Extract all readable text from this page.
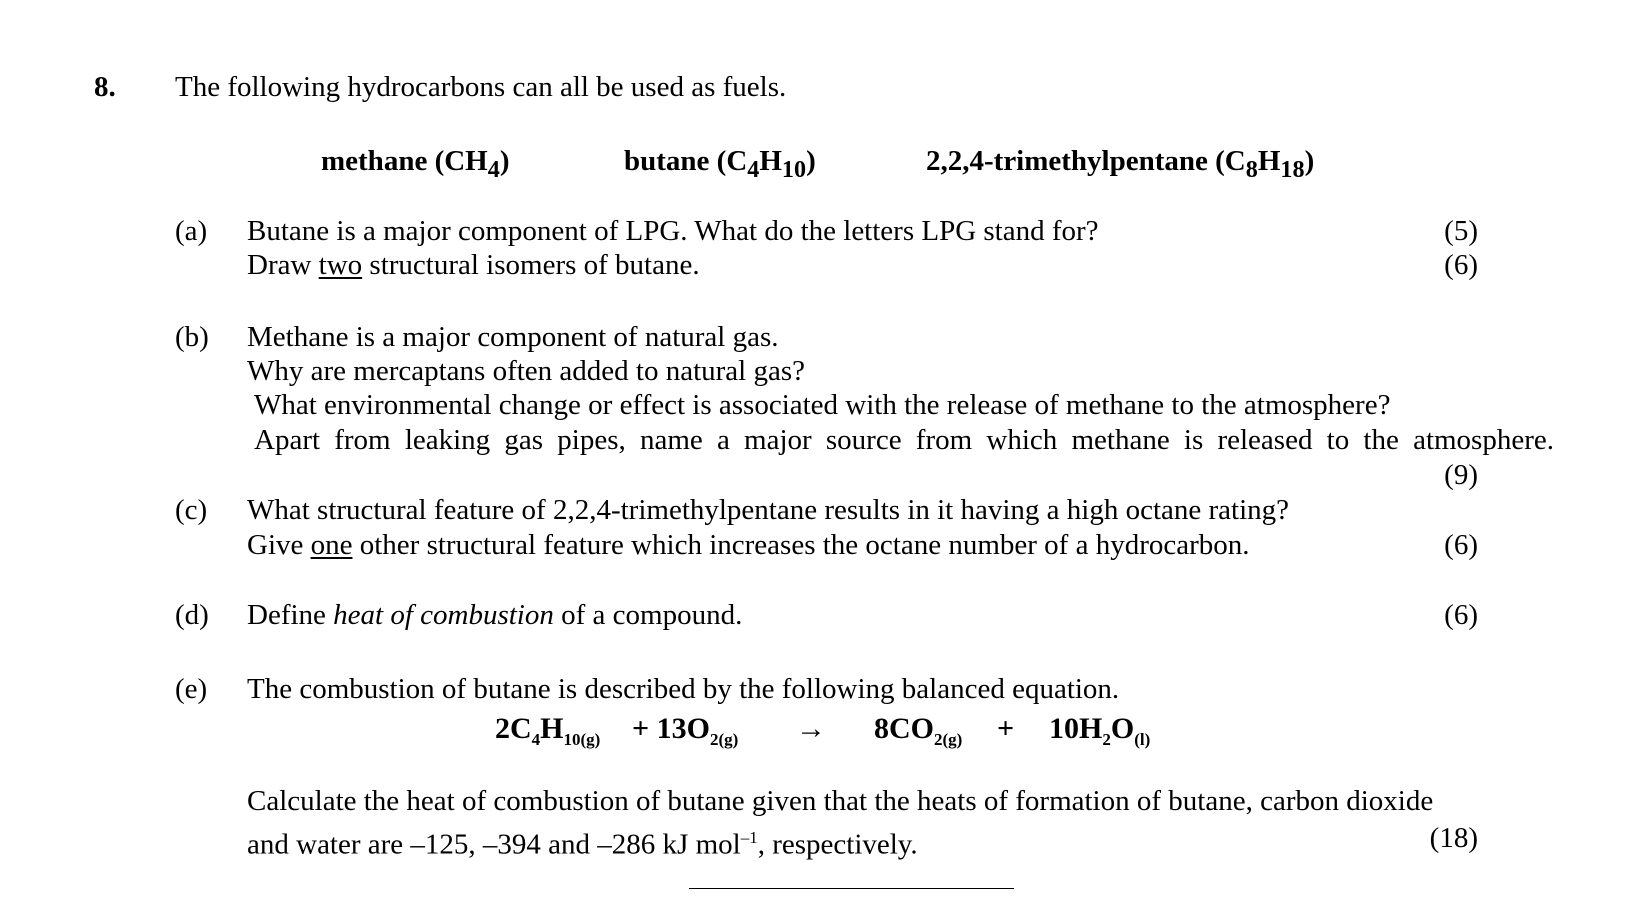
8. The following hydrocarbons can all be used as fuels.
methane $(CH_4)$	butane $(C_4H_{10})$	2,2,4-trimethylpentane $(C_8H_{18})$
(a) Butane is a major component of LPG. What do the letters LPG stand for?
Draw two structural isomers of butane.
(5)
(6)
(b) Methane is a major component of natural gas.
Why are mercaptans often added to natural gas?
What environmental change or effect is associated with the release of methane to the atmosphere?
Apart from leaking gas pipes, name a major source from which methane is released to the atmosphere.
(9)
(c) What structural feature of 2,2,4-trimethylpentane results in it having a high octane rating?
Give one other structural feature which increases the octane number of a hydrocarbon.	(6)
(d) Define heat of combustion of a compound.	(6)
(e) The combustion of butane is described by the following balanced equation.
$2C_4H_{10(g)} + 13O_{2(g)} \to 8CO_{2(g)} + 10H_2O_{(l)}$
Calculate the heat of combustion of butane given that the heats of formation of butane, carbon dioxide
and water are –125, –394 and –286 kJ mol$^{-1}$, respectively.	(18)
